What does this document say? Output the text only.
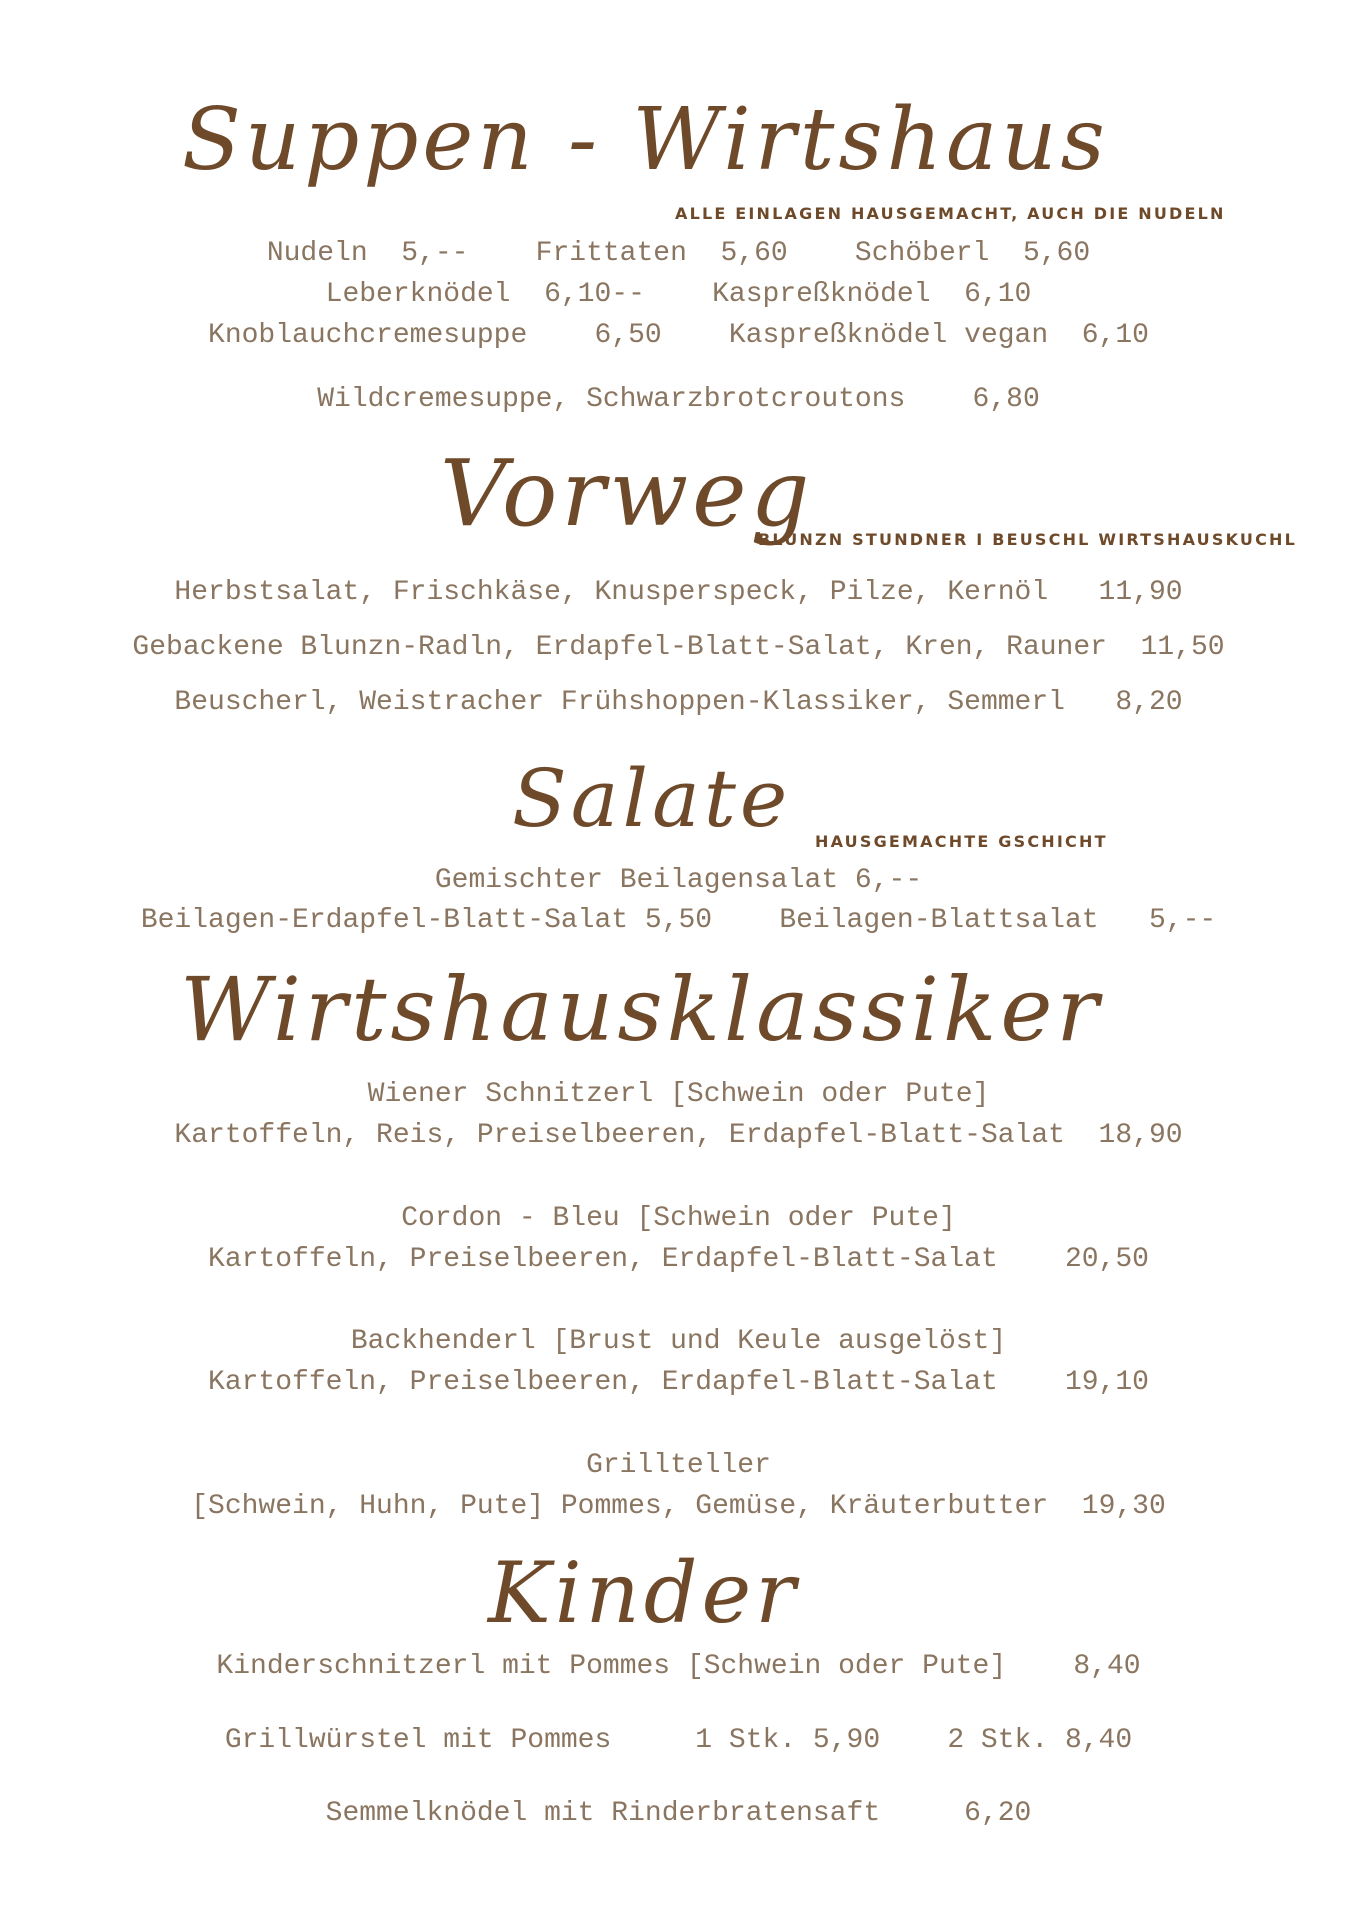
Suppen - Wirtshaus
ALLE EINLAGEN HAUSGEMACHT, AUCH DIE NUDELN
Nudeln  5,--    Frittaten  5,60    Schöberl  5,60
Leberknödel  6,10--    Kaspreßknödel  6,10
Knoblauchcremesuppe    6,50    Kaspreßknödel vegan  6,10
Wildcremesuppe, Schwarzbrotcroutons    6,80
Vorweg
BLUNZN STUNDNER I BEUSCHL WIRTSHAUSKUCHL
Herbstsalat, Frischkäse, Knusperspeck, Pilze, Kernöl   11,90
Gebackene Blunzn-Radln, Erdapfel-Blatt-Salat, Kren, Rauner  11,50
Beuscherl, Weistracher Frühshoppen-Klassiker, Semmerl   8,20
Salate HAUSGEMACHTE GSCHICHT
Gemischter Beilagensalat 6,--
Beilagen-Erdapfel-Blatt-Salat 5,50    Beilagen-Blattsalat   5,--
Wirtshausklassiker
Wiener Schnitzerl [Schwein oder Pute]
Kartoffeln, Reis, Preiselbeeren, Erdapfel-Blatt-Salat  18,90
Cordon - Bleu [Schwein oder Pute]
Kartoffeln, Preiselbeeren, Erdapfel-Blatt-Salat    20,50
Backhenderl [Brust und Keule ausgelöst]
Kartoffeln, Preiselbeeren, Erdapfel-Blatt-Salat    19,10
Grillteller
[Schwein, Huhn, Pute] Pommes, Gemüse, Kräuterbutter  19,30
Kinder
Kinderschnitzerl mit Pommes [Schwein oder Pute]    8,40
Grillwürstel mit Pommes     1 Stk. 5,90    2 Stk. 8,40
Semmelknödel mit Rinderbratensaft     6,20
